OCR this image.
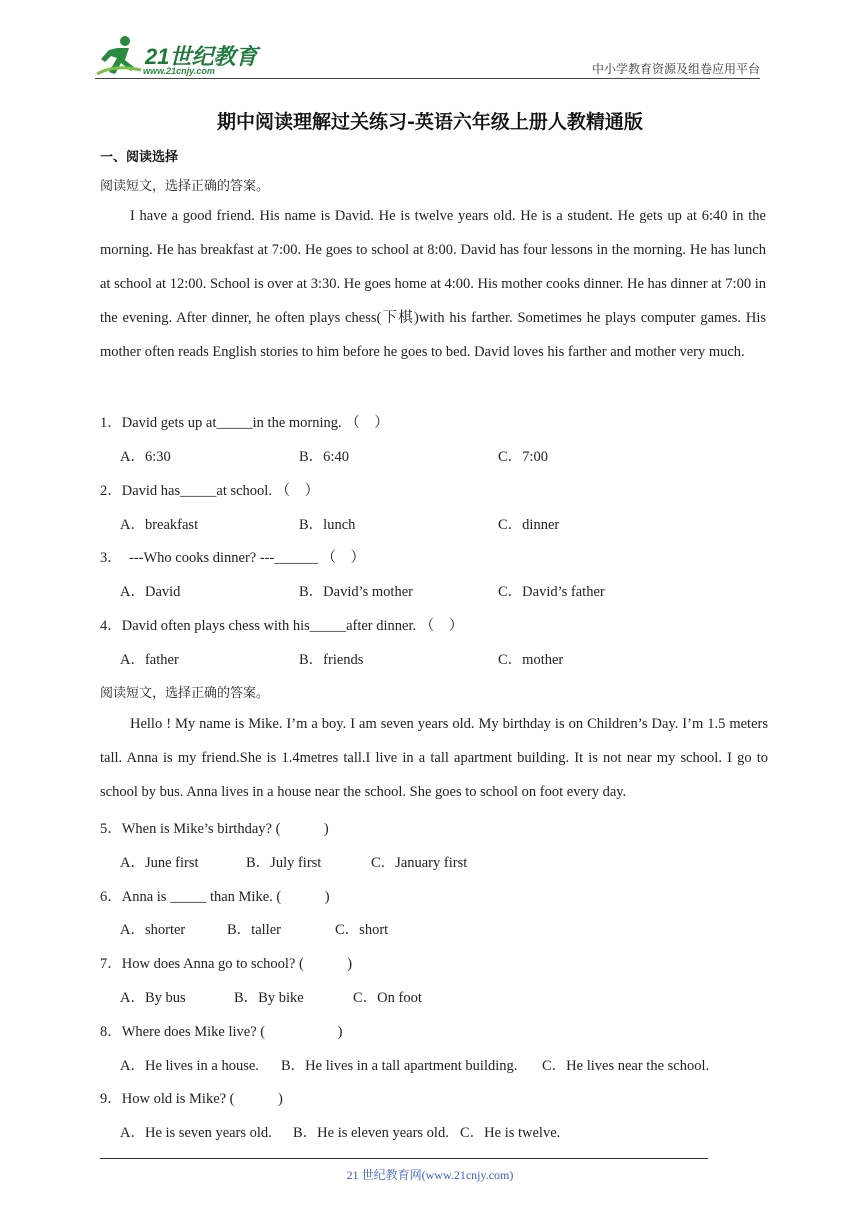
21世纪教育
www.21cnjy.com	中小学教育资源及组卷应用平台
期中阅读理解过关练习-英语六年级上册人教精通版
一、阅读选择
阅读短文，选择正确的答案。

I have a good friend. His name is David. He is twelve years old. He is a student. He gets up at 6:40 in the morning. He has breakfast at 7:00. He goes to school at 8:00. David has four lessons in the morning. He has lunch at school at 12:00. School is over at 3:30. He goes home at 4:00. His mother cooks dinner. He has dinner at 7:00 in the evening. After dinner, he often plays chess(下棋)with his farther. Sometimes he plays computer games. His mother often reads English stories to him before he goes to bed. David loves his farther and mother very much.

1．David gets up at_____in the morning. （　）
A．6:30	B．6:40	C．7:00
2．David has_____at school. （　）
A．breakfast	B．lunch	C．dinner
3．  ---Who cooks dinner? ---______ （　）
A．David	B．David’s mother	C．David’s father
4．David often plays chess with his_____after dinner. （　）
A．father	B．friends	C．mother
阅读短文，选择正确的答案。

Hello ! My name is Mike. I’m a boy. I am seven years old. My birthday is on Children’s Day. I’m 1.5 meters tall. Anna is my friend.She is 1.4metres tall.I live in a tall apartment building. It is not near my school. I go to school by bus. Anna lives in a house near the school. She goes to school on foot every day.

5．When is Mike’s birthday? (　　　)
A．June first	B．July first	C．January first
6．Anna is _____ than Mike. (　　　)
A．shorter	B．taller	C．short
7．How does Anna go to school? (　　　)
A．By bus	B．By bike	C．On foot
8．Where does Mike live? (　　　　　)
A．He lives in a house. B．He lives in a tall apartment building. C．He lives near the school.
9．How old is Mike? (　　　)
A．He is seven years old. B．He is eleven years old. C．He is twelve.
21 世纪教育网(www.21cnjy.com)
